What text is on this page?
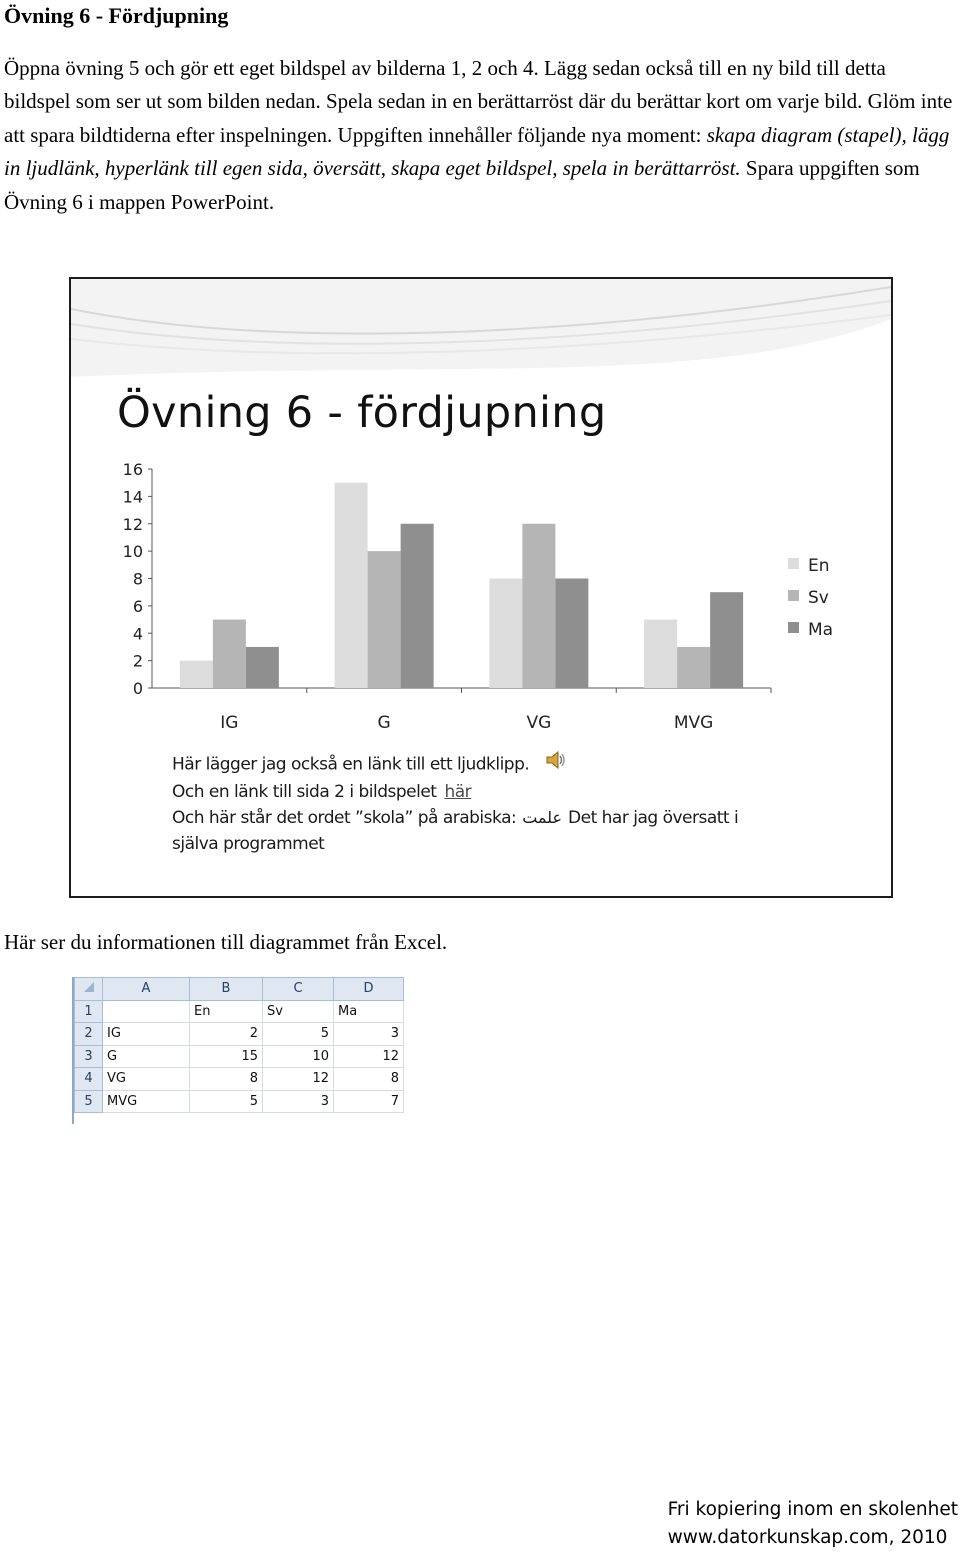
Övning 6 - Fördjupning

Öppna övning 5 och gör ett eget bildspel av bilderna 1, 2 och 4. Lägg sedan också till en ny bild till detta bildspel som ser ut som bilden nedan. Spela sedan in en berättarröst där du berättar kort om varje bild. Glöm inte att spara bildtiderna efter inspelningen. Uppgiften innehåller följande nya moment: skapa diagram (stapel), lägg in ljudlänk, hyperlänk till egen sida, översätt, skapa eget bildspel, spela in berättarröst. Spara uppgiften som Övning 6 i mappen PowerPoint.

Övning 6 - fördjupning
0
2
4
6
8
10
12
14
16
IG	G	VG	MVG
En
Sv
Ma
Här lägger jag också en länk till ett ljudklipp.
Och en länk till sida 2 i bildspelet här
Och här står det ordet ”skola” på arabiska: علمت Det har jag översatt i
själva programmet

Här ser du informationen till diagrammet från Excel.

	A	B	C	D
1		En	Sv	Ma
2	IG	2	5	3
3	G	15	10	12
4	VG	8	12	8
5	MVG	5	3	7
Fri kopiering inom en skolenhet
www.datorkunskap.com, 2010
